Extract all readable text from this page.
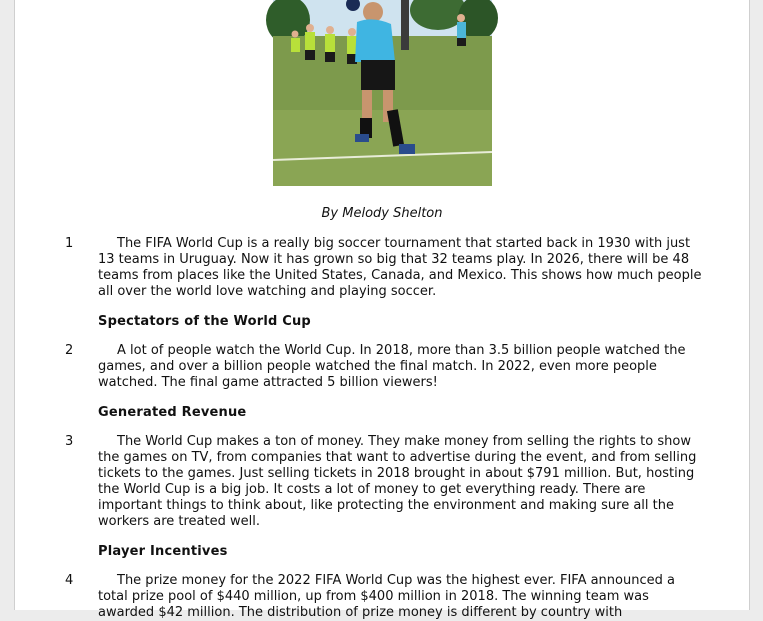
By Melody Shelton
1	The FIFA World Cup is a really big soccer tournament that started back in 1930 with just 13 teams in Uruguay. Now it has grown so big that 32 teams play. In 2026, there will be 48 teams from places like the United States, Canada, and Mexico. This shows how much people all over the world love watching and playing soccer.
Spectators of the World Cup
2	A lot of people watch the World Cup. In 2018, more than 3.5 billion people watched the games, and over a billion people watched the final match. In 2022, even more people watched. The final game attracted 5 billion viewers!
Generated Revenue
3	The World Cup makes a ton of money. They make money from selling the rights to show the games on TV, from companies that want to advertise during the event, and from selling tickets to the games. Just selling tickets in 2018 brought in about $791 million. But, hosting the World Cup is a big job. It costs a lot of money to get everything ready. There are important things to think about, like protecting the environment and making sure all the workers are treated well.
Player Incentives
4	The prize money for the 2022 FIFA World Cup was the highest ever. FIFA announced a total prize pool of $440 million, up from $400 million in 2018. The winning team was awarded $42 million. The distribution of prize money is different by country with
